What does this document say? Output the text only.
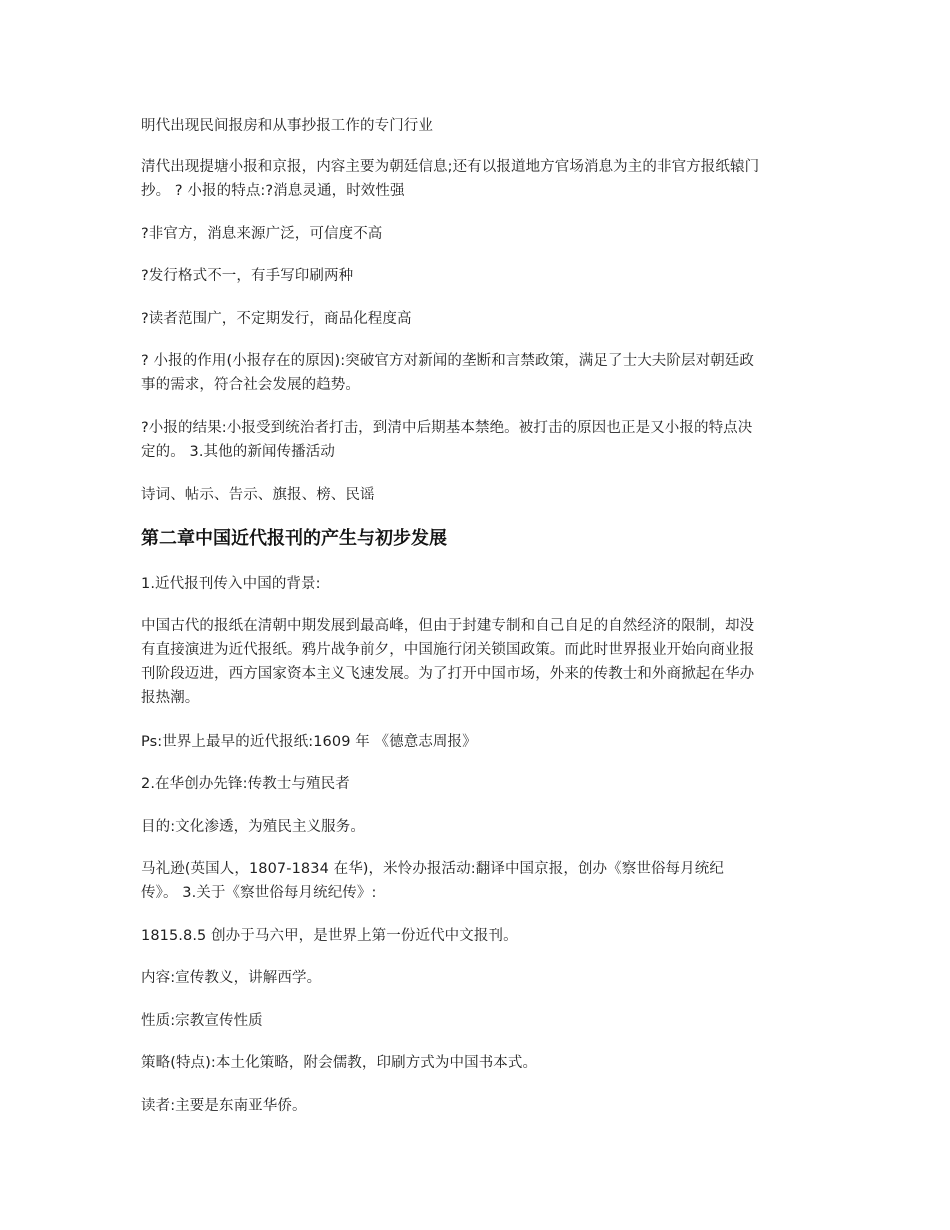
明代出现民间报房和从事抄报工作的专门行业

清代出现提塘小报和京报，内容主要为朝廷信息;还有以报道地方官场消息为主的非官方报纸辕门
抄。 ? 小报的特点:?消息灵通，时效性强

?非官方，消息来源广泛，可信度不高

?发行格式不一，有手写印刷两种

?读者范围广，不定期发行，商品化程度高

? 小报的作用(小报存在的原因):突破官方对新闻的垄断和言禁政策，满足了士大夫阶层对朝廷政
事的需求，符合社会发展的趋势。

?小报的结果:小报受到统治者打击，到清中后期基本禁绝。被打击的原因也正是又小报的特点决
定的。 3.其他的新闻传播活动

诗词、帖示、告示、旗报、榜、民谣

第二章中国近代报刊的产生与初步发展

1.近代报刊传入中国的背景:

中国古代的报纸在清朝中期发展到最高峰，但由于封建专制和自己自足的自然经济的限制，却没
有直接演进为近代报纸。鸦片战争前夕，中国施行闭关锁国政策。而此时世界报业开始向商业报
刊阶段迈进，西方国家资本主义飞速发展。为了打开中国市场，外来的传教士和外商掀起在华办
报热潮。

Ps:世界上最早的近代报纸:1609 年 《德意志周报》

2.在华创办先锋:传教士与殖民者

目的:文化渗透，为殖民主义服务。

马礼逊(英国人，1807-1834 在华)，米怜办报活动:翻译中国京报，创办《察世俗每月统纪
传》。 3.关于《察世俗每月统纪传》:

1815.8.5 创办于马六甲，是世界上第一份近代中文报刊。

内容:宣传教义，讲解西学。

性质:宗教宣传性质

策略(特点):本土化策略，附会儒教，印刷方式为中国书本式。

读者:主要是东南亚华侨。
